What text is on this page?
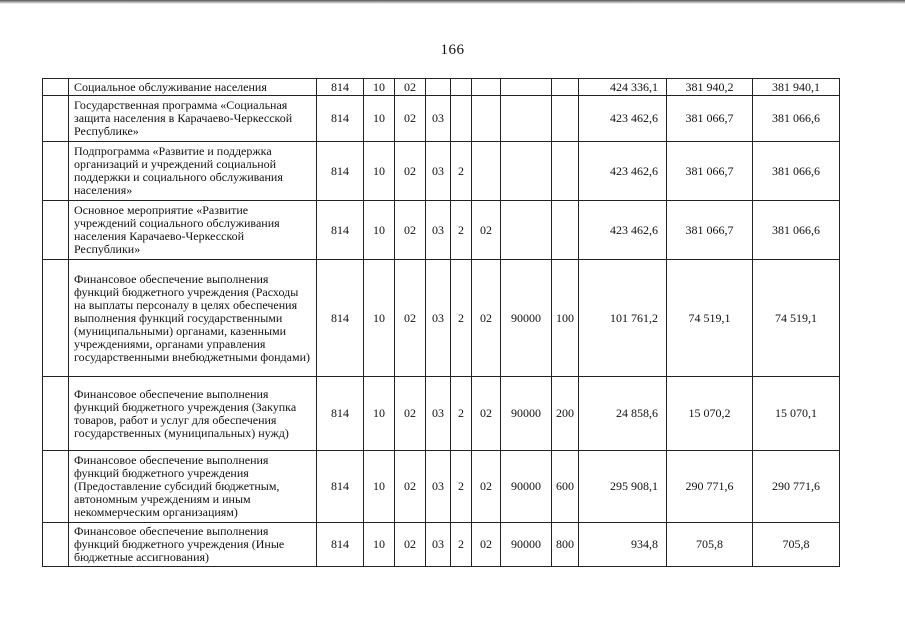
166
	Социальное обслуживание населения	814	10	02						424 336,1	381 940,2	381 940,1
	Государственная программа «Социальная защита населения в Карачаево-Черкесской Республике»	814	10	02	03					423 462,6	381 066,7	381 066,6
	Подпрограмма «Развитие и поддержка организаций и учреждений социальной поддержки и социального обслуживания населения»	814	10	02	03	2				423 462,6	381 066,7	381 066,6
	Основное мероприятие «Развитие учреждений социального обслуживания населения Карачаево-Черкесской Республики»	814	10	02	03	2	02			423 462,6	381 066,7	381 066,6
	Финансовое обеспечение выполнения функций бюджетного учреждения (Расходы на выплаты персоналу в целях обеспечения выполнения функций государственными (муниципальными) органами, казенными учреждениями, органами управления государственными внебюджетными фондами)	814	10	02	03	2	02	90000	100	101 761,2	74 519,1	74 519,1
	Финансовое обеспечение выполнения функций бюджетного учреждения (Закупка товаров, работ и услуг для обеспечения государственных (муниципальных) нужд)	814	10	02	03	2	02	90000	200	24 858,6	15 070,2	15 070,1
	Финансовое обеспечение выполнения функций бюджетного учреждения (Предоставление субсидий бюджетным, автономным учреждениям и иным некоммерческим организациям)	814	10	02	03	2	02	90000	600	295 908,1	290 771,6	290 771,6
	Финансовое обеспечение выполнения функций бюджетного учреждения (Иные бюджетные ассигнования)	814	10	02	03	2	02	90000	800	934,8	705,8	705,8
